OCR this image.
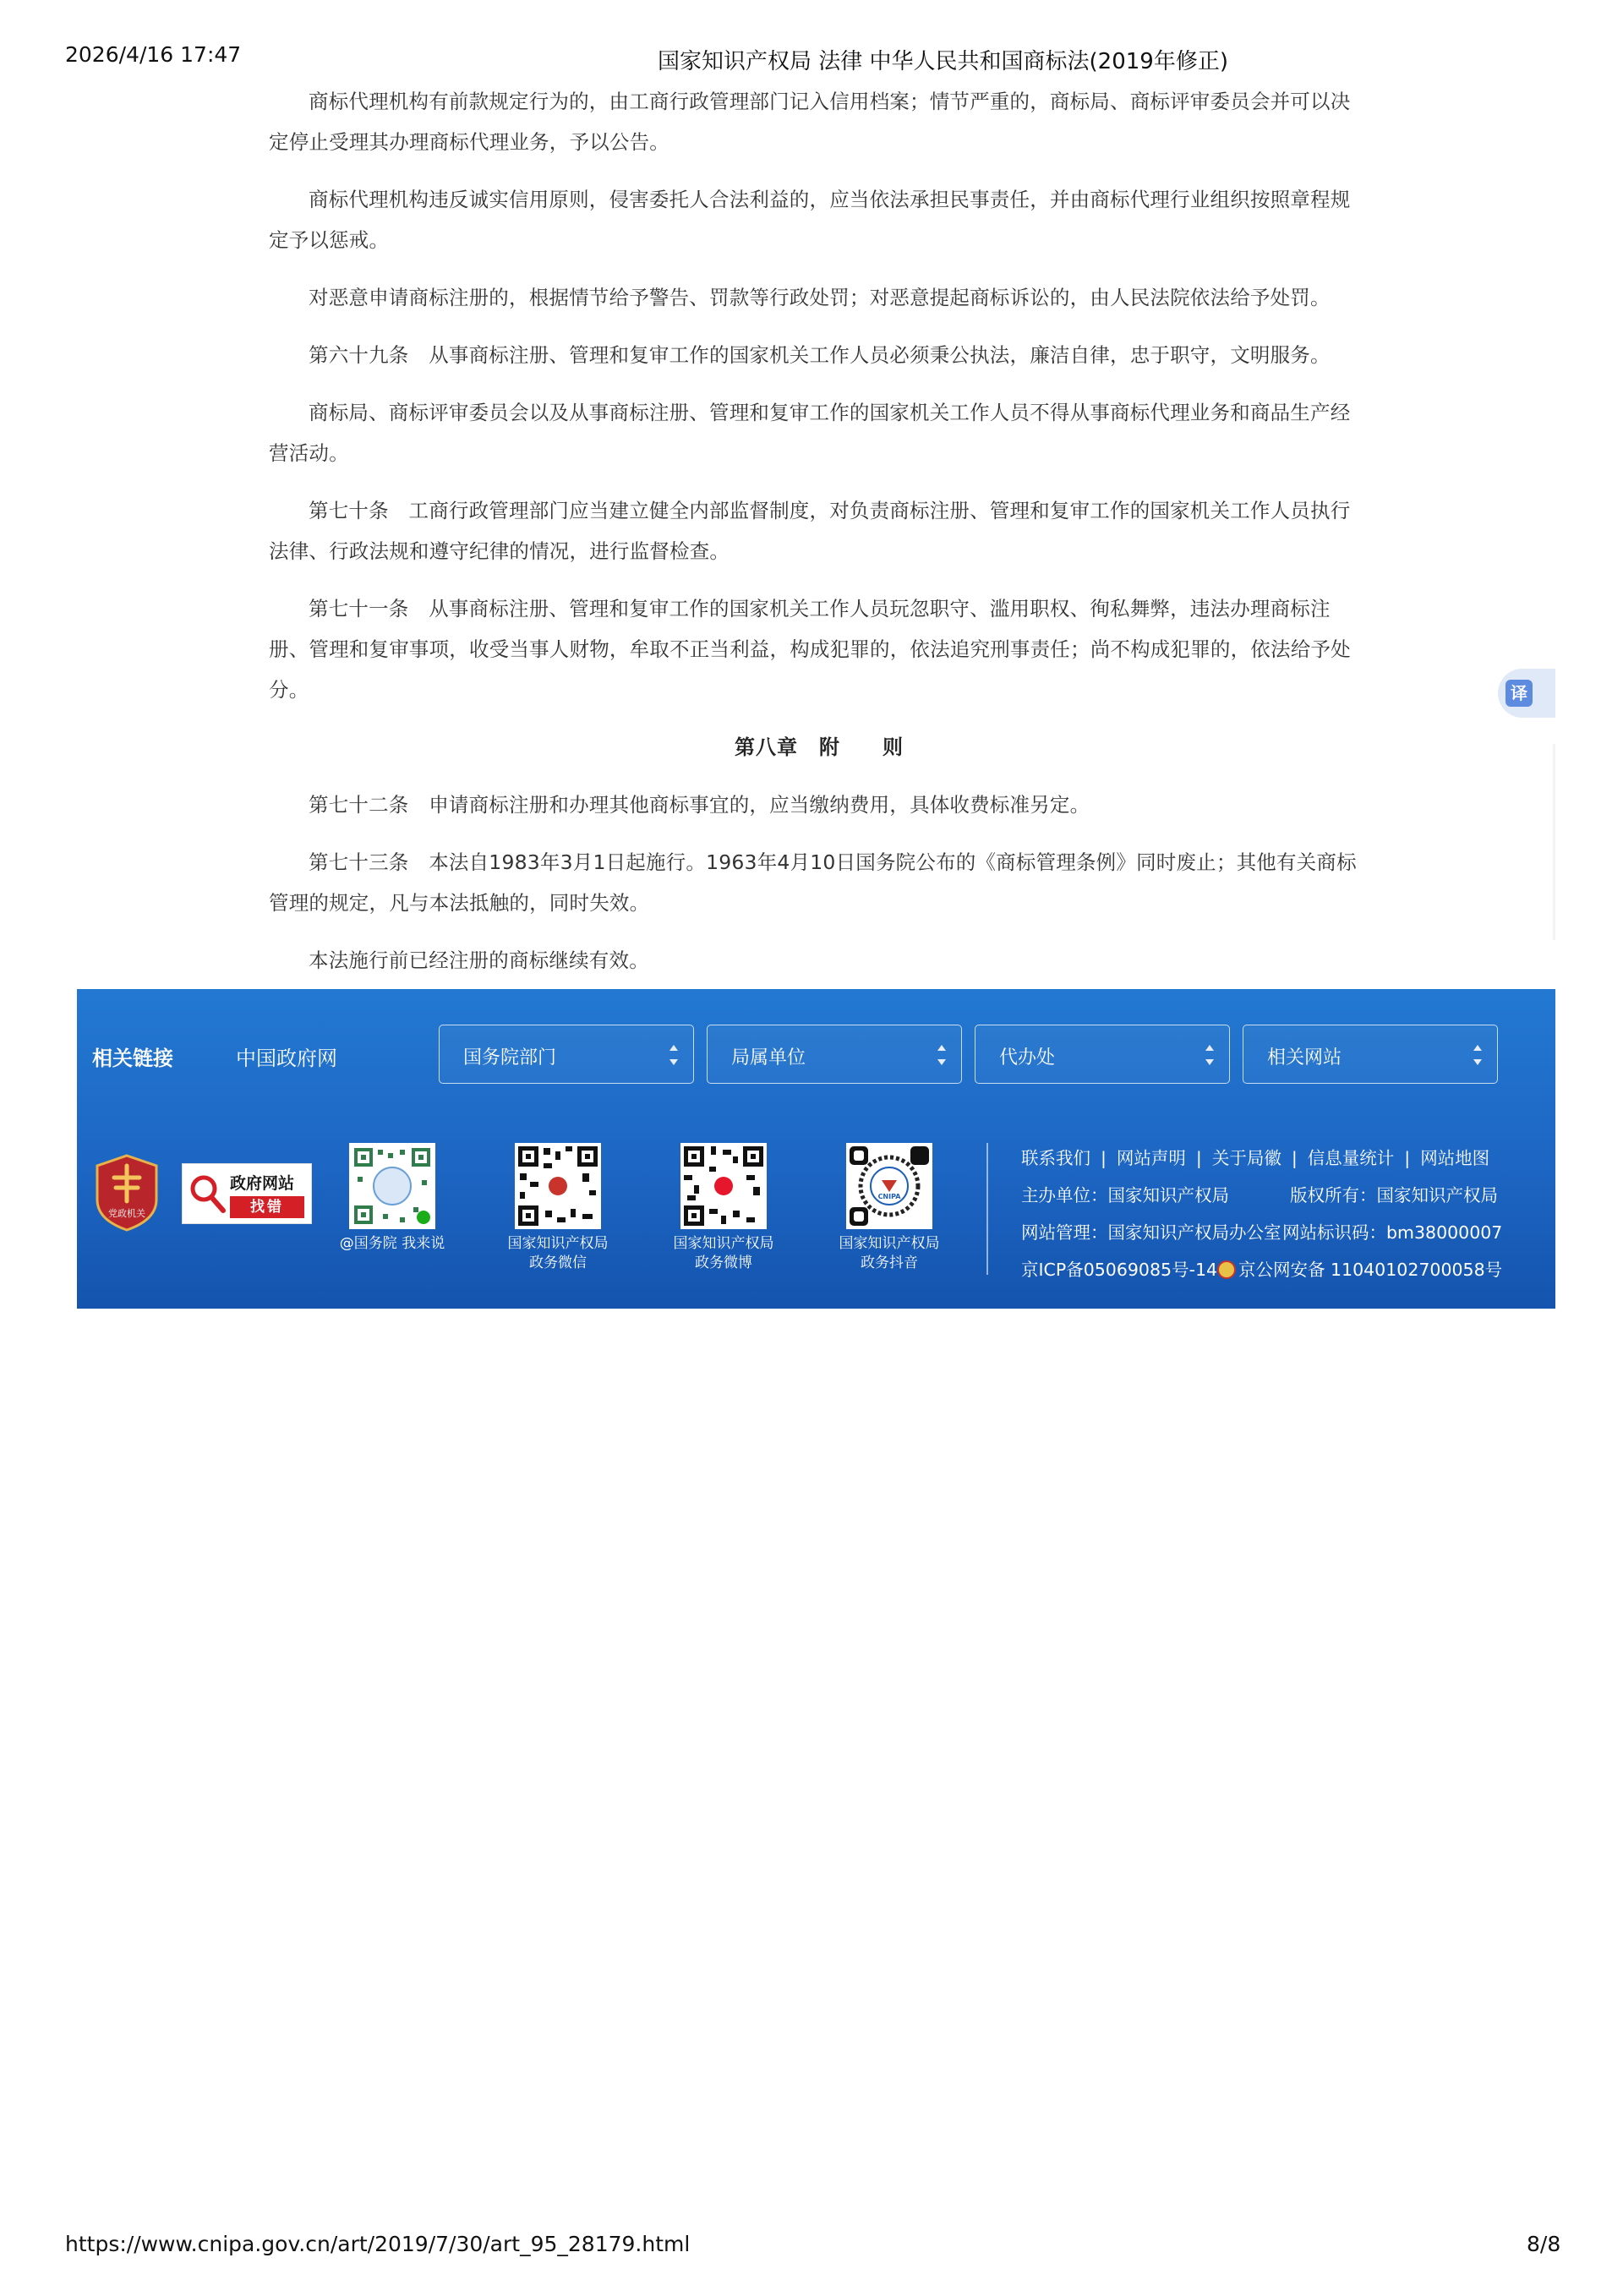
2026/4/16 17:47	国家知识产权局 法律 中华人民共和国商标法(2019年修正)

商标代理机构有前款规定行为的，由工商行政管理部门记入信用档案；情节严重的，商标局、商标评审委员会并可以决定停止受理其办理商标代理业务，予以公告。

商标代理机构违反诚实信用原则，侵害委托人合法利益的，应当依法承担民事责任，并由商标代理行业组织按照章程规定予以惩戒。

对恶意申请商标注册的，根据情节给予警告、罚款等行政处罚；对恶意提起商标诉讼的，由人民法院依法给予处罚。

第六十九条　从事商标注册、管理和复审工作的国家机关工作人员必须秉公执法，廉洁自律，忠于职守，文明服务。

商标局、商标评审委员会以及从事商标注册、管理和复审工作的国家机关工作人员不得从事商标代理业务和商品生产经营活动。

第七十条　工商行政管理部门应当建立健全内部监督制度，对负责商标注册、管理和复审工作的国家机关工作人员执行法律、行政法规和遵守纪律的情况，进行监督检查。

第七十一条　从事商标注册、管理和复审工作的国家机关工作人员玩忽职守、滥用职权、徇私舞弊，违法办理商标注册、管理和复审事项，收受当事人财物，牟取不正当利益，构成犯罪的，依法追究刑事责任；尚不构成犯罪的，依法给予处分。

第八章　附　　则

第七十二条　申请商标注册和办理其他商标事宜的，应当缴纳费用，具体收费标准另定。

第七十三条　本法自1983年3月1日起施行。1963年4月10日国务院公布的《商标管理条例》同时废止；其他有关商标管理的规定，凡与本法抵触的，同时失效。

本法施行前已经注册的商标继续有效。

译
相关链接	中国政府网	国务院部门	局属单位	代办处	相关网站
党政机关
政府网站
找错
@国务院 我来说	国家知识产权局
政务微信
国家知识产权局
政务微博
CNIPA
国家知识产权局
政务抖音
联系我们 | 网站声明 | 关于局徽 | 信息量统计 | 网站地图
主办单位：国家知识产权局	版权所有：国家知识产权局
网站管理：国家知识产权局办公室 网站标识码：bm38000007
京ICP备05069085号-14	京公网安备 11040102700058号
https://www.cnipa.gov.cn/art/2019/7/30/art_95_28179.html	8/8
